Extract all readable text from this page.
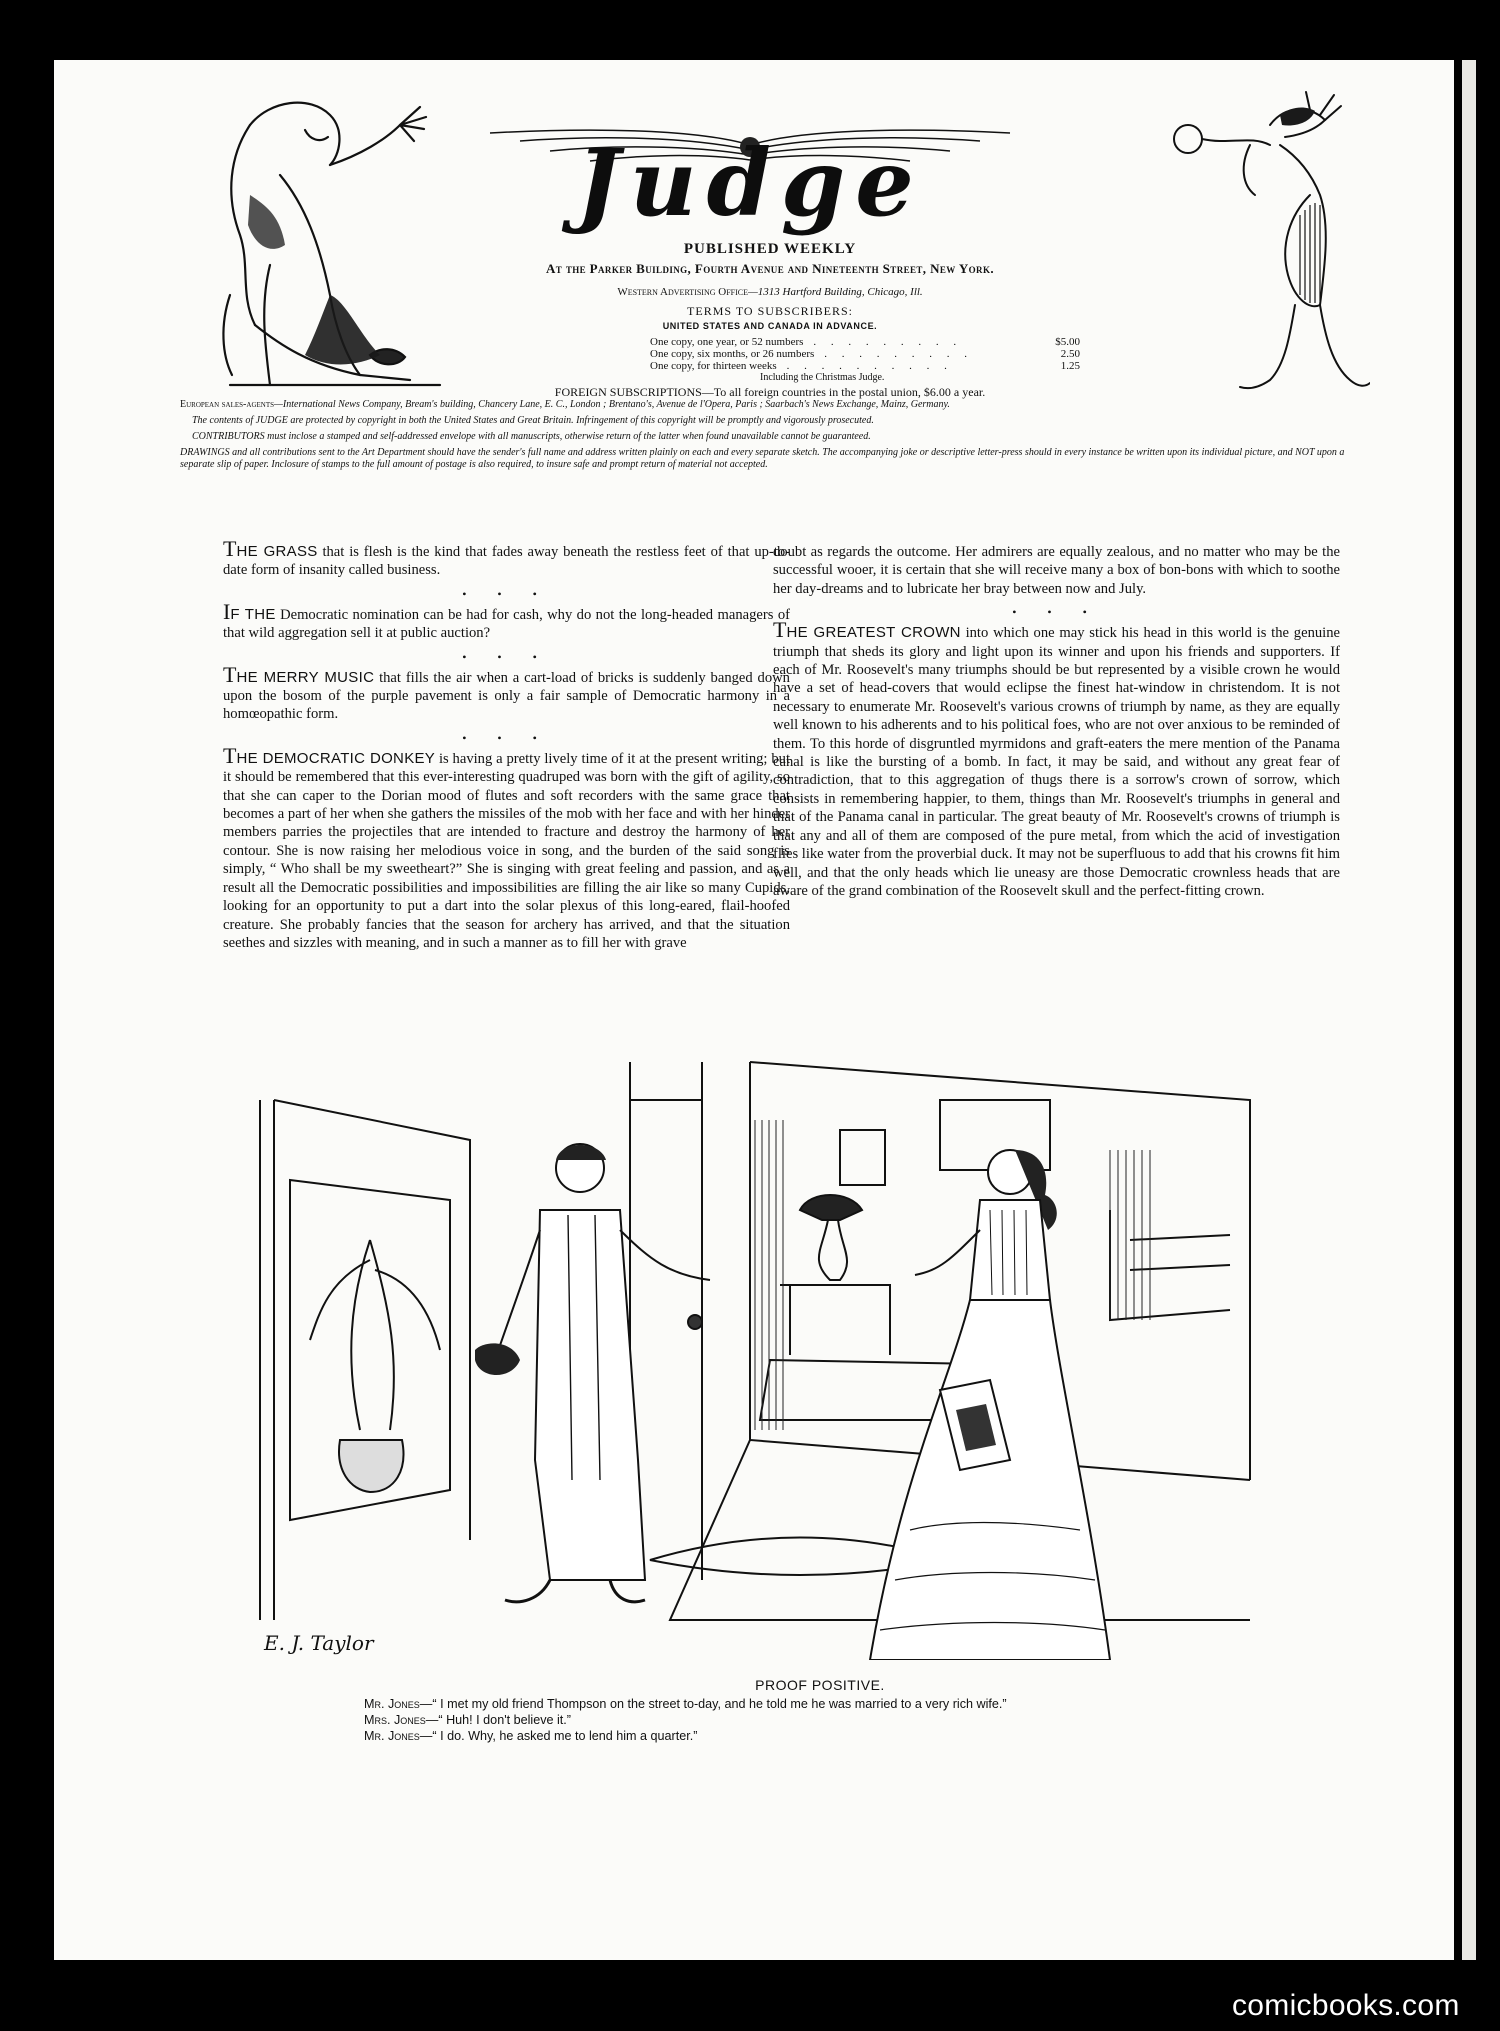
Judge
PUBLISHED WEEKLY
At the Parker Building, Fourth Avenue and Nineteenth Street, New York.
Western Advertising Office—1313 Hartford Building, Chicago, Ill.
TERMS TO SUBSCRIBERS:
UNITED STATES AND CANADA IN ADVANCE.
One copy, one year, or 52 numbers . . . . . . . . .	$5.00
One copy, six months, or 26 numbers . . . . . . . . .	2.50
One copy, for thirteen weeks . . . . . . . . . .	1.25
Including the Christmas Judge.
FOREIGN SUBSCRIPTIONS—To all foreign countries in the postal union, $6.00 a year.
European sales-agents—International News Company, Bream's building, Chancery Lane, E. C., London ; Brentano's, Avenue de l'Opera, Paris ; Saarbach's News Exchange, Mainz, Germany.
The contents of JUDGE are protected by copyright in both the United States and Great Britain. Infringement of this copyright will be promptly and vigorously prosecuted.
CONTRIBUTORS must inclose a stamped and self-addressed envelope with all manuscripts, otherwise return of the latter when found unavailable cannot be guaranteed.
DRAWINGS and all contributions sent to the Art Department should have the sender's full name and address written plainly on each and every separate sketch. The accompanying joke or descriptive letter-press should in every instance be written upon its individual picture, and NOT upon a separate slip of paper. Inclosure of stamps to the full amount of postage is also required, to insure safe and prompt return of material not accepted.

THE GRASS that is flesh is the kind that fades away beneath the restless feet of that up-to-date form of insanity called business.

• • •

IF THE Democratic nomination can be had for cash, why do not the long-headed managers of that wild aggregation sell it at public auction?

• • •

THE MERRY MUSIC that fills the air when a cart-load of bricks is suddenly banged down upon the bosom of the purple pavement is only a fair sample of Democratic harmony in a homœopathic form.

• • •

THE DEMOCRATIC DONKEY is having a pretty lively time of it at the present writing; but it should be remembered that this ever-interesting quadruped was born with the gift of agility, so that she can caper to the Dorian mood of flutes and soft recorders with the same grace that becomes a part of her when she gathers the missiles of the mob with her face and with her hinder members parries the projectiles that are intended to fracture and destroy the harmony of her contour. She is now raising her melodious voice in song, and the burden of the said song is simply, “ Who shall be my sweetheart?” She is singing with great feeling and passion, and as a result all the Democratic possibilities and impossibilities are filling the air like so many Cupids, looking for an opportunity to put a dart into the solar plexus of this long-eared, flail-hoofed creature. She probably fancies that the season for archery has arrived, and that the situation seethes and sizzles with meaning, and in such a manner as to fill her with grave

doubt as regards the outcome. Her admirers are equally zealous, and no matter who may be the successful wooer, it is certain that she will receive many a box of bon-bons with which to soothe her day-dreams and to lubricate her bray between now and July.

• • •

THE GREATEST CROWN into which one may stick his head in this world is the genuine triumph that sheds its glory and light upon its winner and upon his friends and supporters. If each of Mr. Roosevelt's many triumphs should be but represented by a visible crown he would have a set of head-covers that would eclipse the finest hat-window in christendom. It is not necessary to enumerate Mr. Roosevelt's various crowns of triumph by name, as they are equally well known to his adherents and to his political foes, who are not over anxious to be reminded of them. To this horde of disgruntled myrmidons and graft-eaters the mere mention of the Panama canal is like the bursting of a bomb. In fact, it may be said, and without any great fear of contradiction, that to this aggregation of thugs there is a sorrow's crown of sorrow, which consists in remembering happier, to them, things than Mr. Roosevelt's triumphs in general and that of the Panama canal in particular. The great beauty of Mr. Roosevelt's crowns of triumph is that any and all of them are composed of the pure metal, from which the acid of investigation flies like water from the proverbial duck. It may not be superfluous to add that his crowns fit him well, and that the only heads which lie uneasy are those Democratic crownless heads that are aware of the grand combination of the Roosevelt skull and the perfect-fitting crown.

E. J. Taylor
PROOF POSITIVE.
Mr. Jones—“ I met my old friend Thompson on the street to-day, and he told me he was married to a very rich wife.”
Mrs. Jones—“ Huh! I don't believe it.”
Mr. Jones—“ I do. Why, he asked me to lend him a quarter.”
comicbooks.com
